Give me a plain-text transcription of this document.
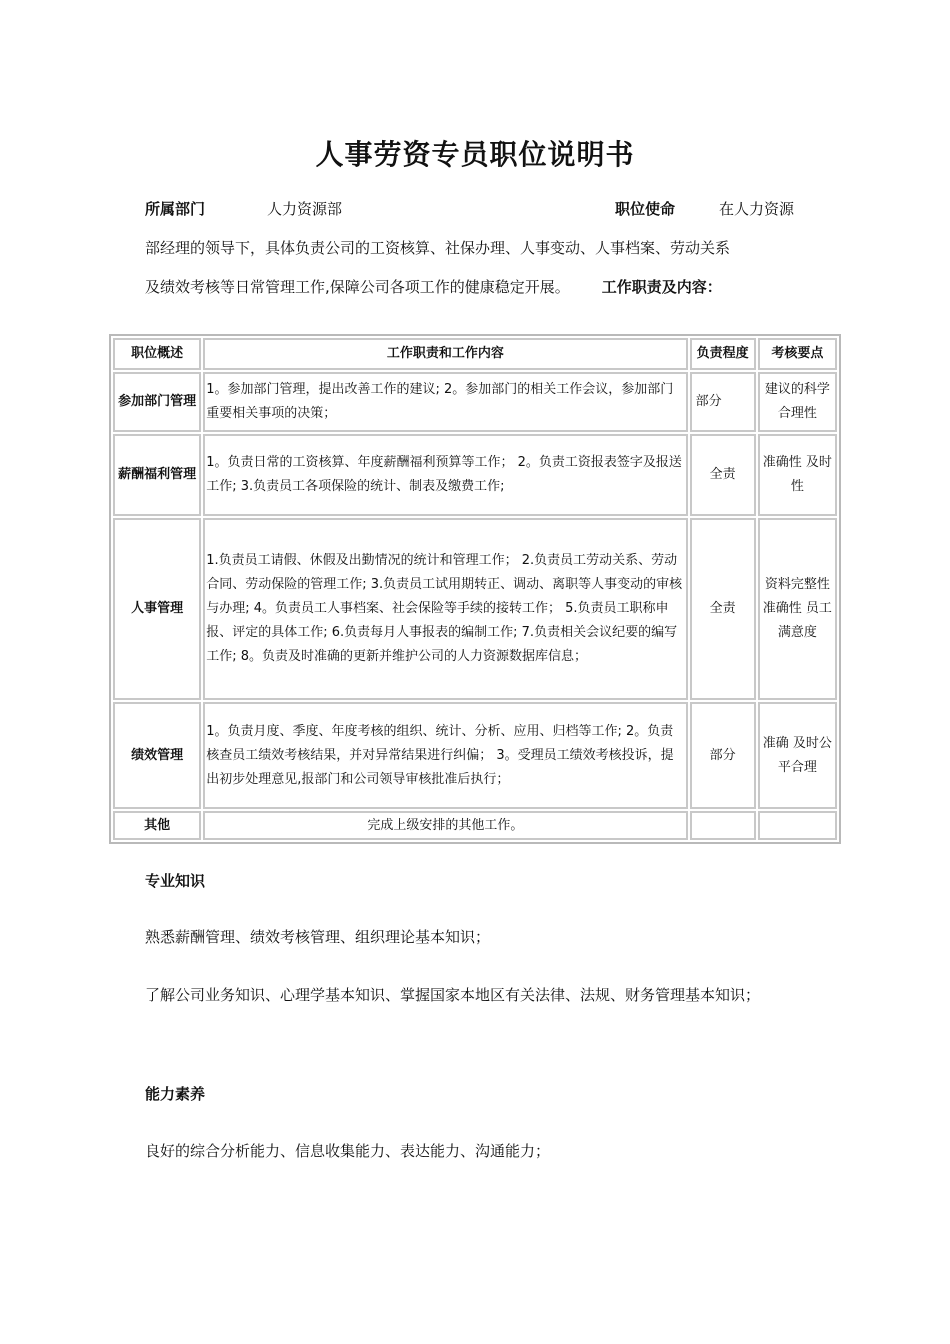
人事劳资专员职位说明书
所属部门	人力资源部	职位使命	在人力资源
部经理的领导下，具体负责公司的工资核算、社保办理、人事变动、人事档案、劳动关系
及绩效考核等日常管理工作,保障公司各项工作的健康稳定开展。 工作职责及内容：
职位概述	工作职责和工作内容	负责程度	考核要点
参加部门管理	1。参加部门管理，提出改善工作的建议; 2。参加部门的相关工作会议，参加部门重要相关事项的决策；	部分	建议的科学合理性
薪酬福利管理	1。负责日常的工资核算、年度薪酬福利预算等工作； 2。负责工资报表签字及报送工作; 3.负责员工各项保险的统计、制表及缴费工作;	全责	准确性 及时性
人事管理	1.负责员工请假、休假及出勤情况的统计和管理工作； 2.负责员工劳动关系、劳动合同、劳动保险的管理工作; 3.负责员工试用期转正、调动、离职等人事变动的审核与办理; 4。负责员工人事档案、社会保险等手续的接转工作； 5.负责员工职称申报、评定的具体工作; 6.负责每月人事报表的编制工作; 7.负责相关会议纪要的编写工作; 8。负责及时准确的更新并维护公司的人力资源数据库信息；	全责	资料完整性 准确性 员工满意度
绩效管理	1。负责月度、季度、年度考核的组织、统计、分析、应用、归档等工作; 2。负责核查员工绩效考核结果，并对异常结果进行纠偏； 3。受理员工绩效考核投诉，提出初步处理意见,报部门和公司领导审核批准后执行；	部分	准确 及时公平合理
其他	完成上级安排的其他工作。		
专业知识
熟悉薪酬管理、绩效考核管理、组织理论基本知识；
了解公司业务知识、心理学基本知识、掌握国家本地区有关法律、法规、财务管理基本知识；
能力素养
良好的综合分析能力、信息收集能力、表达能力、沟通能力；
